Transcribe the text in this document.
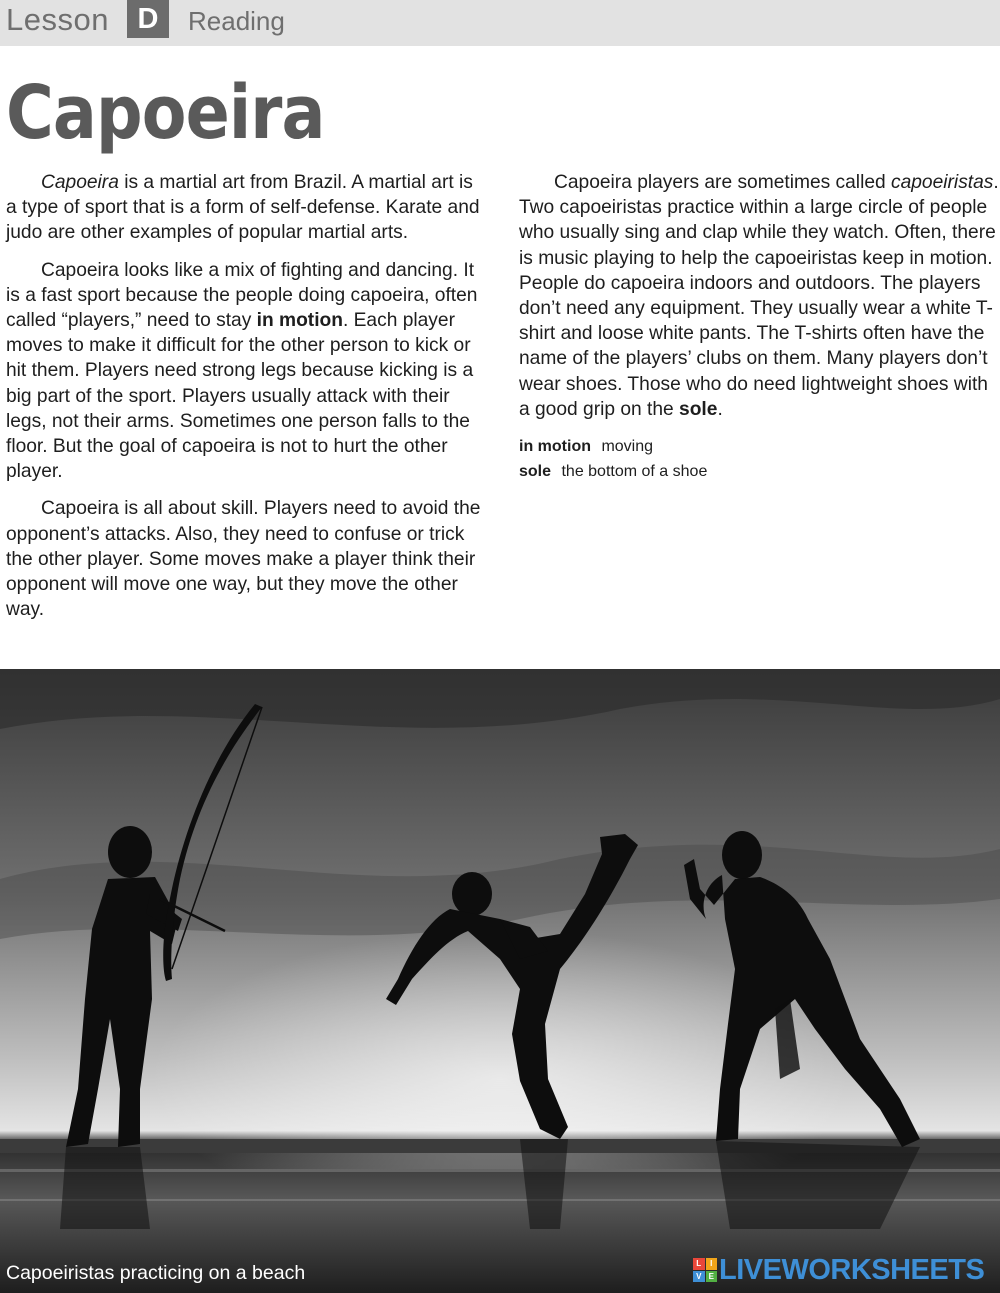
Lesson D	Reading
Capoeira

Capoeira is a martial art from Brazil. A martial art is a type of sport that is a form of self-defense. Karate and judo are other examples of popular martial arts.

Capoeira looks like a mix of fighting and dancing. It is a fast sport because the people doing capoeira, often called “players,” need to stay in motion. Each player moves to make it difficult for the other person to kick or hit them. Players need strong legs because kicking is a big part of the sport. Players usually attack with their legs, not their arms. Sometimes one person falls to the floor. But the goal of capoeira is not to hurt the other player.

Capoeira is all about skill. Players need to avoid the opponent’s attacks. Also, they need to confuse or trick the other player. Some moves make a player think their opponent will move one way, but they move the other way.

Capoeira players are sometimes called capoeiristas. Two capoeiristas practice within a large circle of people who usually sing and clap while they watch. Often, there is music playing to help the capoeiristas keep in motion. People do capoeira indoors and outdoors. The players don’t need any equipment. They usually wear a white T-shirt and loose white pants. The T-shirts often have the name of the players’ clubs on them. Many players don’t wear shoes. Those who do need lightweight shoes with a good grip on the sole.

in motion moving
sole the bottom of a shoe
Capoeiristas practicing on a beach	L	I
V E LIVEWORKSHEETS
